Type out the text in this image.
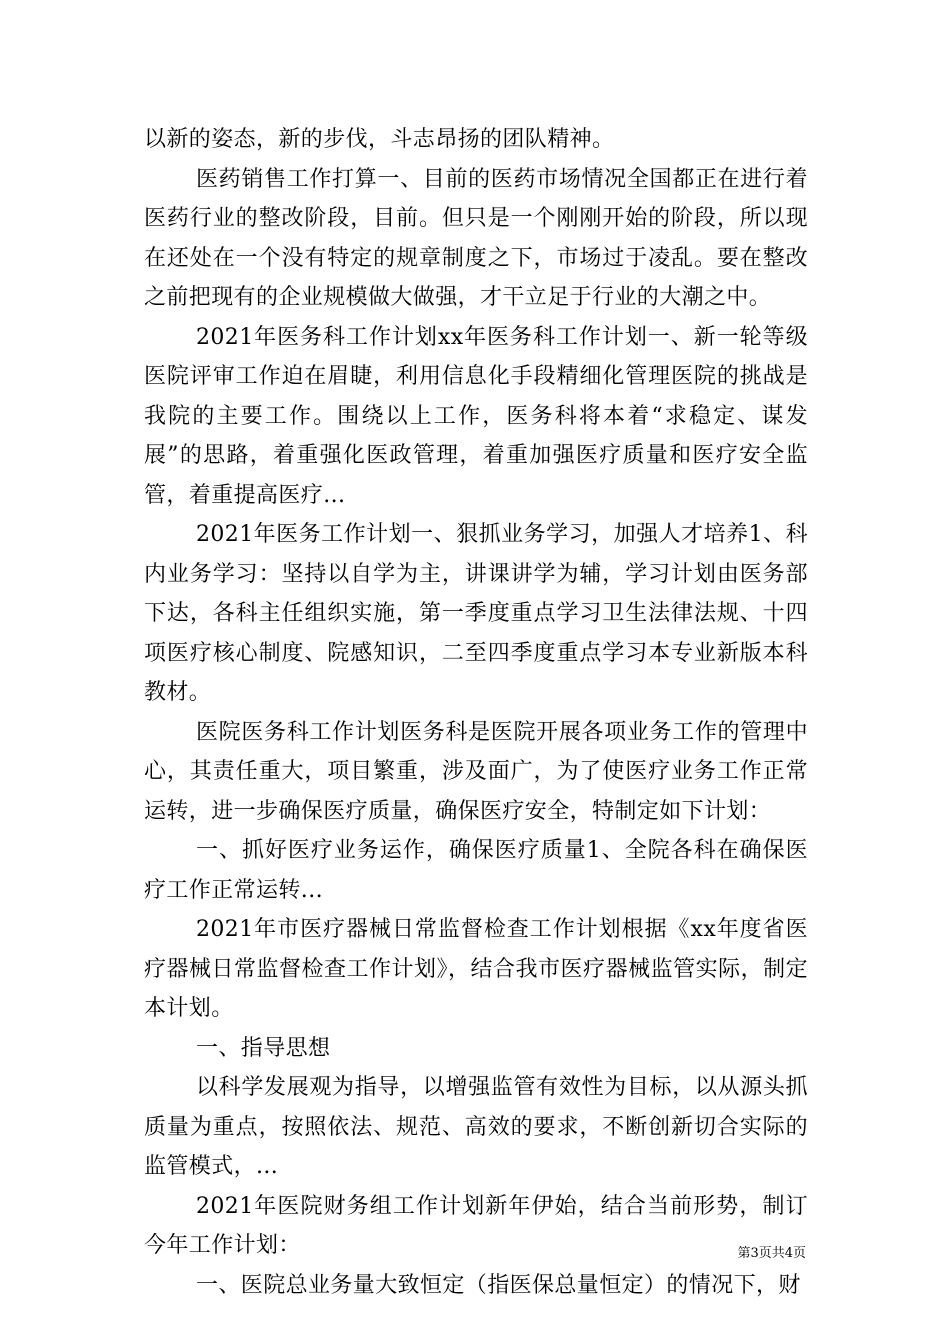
以新的姿态，新的步伐，斗志昂扬的团队精神。

医药销售工作打算一、目前的医药市场情况全国都正在进行着医药行业的整改阶段，目前。但只是一个刚刚开始的阶段，所以现在还处在一个没有特定的规章制度之下，市场过于凌乱。要在整改之前把现有的企业规模做大做强，才干立足于行业的大潮之中。

2021年医务科工作计划xx年医务科工作计划一、新一轮等级医院评审工作迫在眉睫，利用信息化手段精细化管理医院的挑战是我院的主要工作。围绕以上工作，医务科将本着“求稳定、谋发展”的思路，着重强化医政管理，着重加强医疗质量和医疗安全监管，着重提高医疗...

2021年医务工作计划一、狠抓业务学习，加强人才培养1、科内业务学习：坚持以自学为主，讲课讲学为辅，学习计划由医务部下达，各科主任组织实施，第一季度重点学习卫生法律法规、十四项医疗核心制度、院感知识，二至四季度重点学习本专业新版本科教材。

医院医务科工作计划医务科是医院开展各项业务工作的管理中心，其责任重大，项目繁重，涉及面广，为了使医疗业务工作正常运转，进一步确保医疗质量，确保医疗安全，特制定如下计划：

一、抓好医疗业务运作，确保医疗质量1、全院各科在确保医疗工作正常运转...

2021年市医疗器械日常监督检查工作计划根据《xx年度省医疗器械日常监督检查工作计划》，结合我市医疗器械监管实际，制定本计划。

一、指导思想

以科学发展观为指导，以增强监管有效性为目标，以从源头抓质量为重点，按照依法、规范、高效的要求，不断创新切合实际的监管模式，...

2021年医院财务组工作计划新年伊始，结合当前形势，制订今年工作计划：

一、医院总业务量大致恒定（指医保总量恒定）的情况下，财

第3页共4页
